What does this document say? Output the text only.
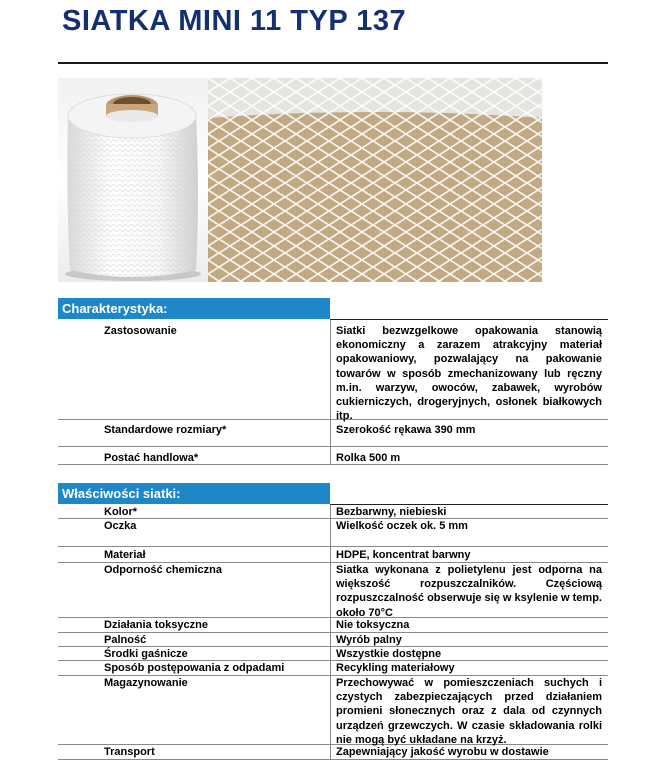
SIATKA MINI 11 TYP 137
Charakterystyka:
Zastosowanie	Siatki bezwzgelkowe opakowania stanowią ekonomiczny a zarazem atrakcyjny materiał opakowaniowy, pozwalający na pakowanie towarów w sposób zmechanizowany lub ręczny m.in. warzyw, owoców, zabawek, wyrobów cukierniczych, drogeryjnych, osłonek białkowych itp.
Standardowe rozmiary*	Szerokość rękawa 390 mm
Postać handlowa*	Rolka 500 m
Właściwości siatki:
Kolor*	Bezbarwny, niebieski
Oczka	Wielkość oczek ok. 5 mm
Materiał	HDPE, koncentrat barwny
Odporność chemiczna	Siatka wykonana z polietylenu jest odporna na większość rozpuszczalników. Częściową rozpuszczalność obserwuje się w ksylenie w temp. około 70°C
Działania toksyczne	Nie toksyczna
Palność	Wyrób palny
Środki gaśnicze	Wszystkie dostępne
Sposób postępowania z odpadami	Recykling materiałowy
Magazynowanie	Przechowywać w pomieszczeniach suchych i czystych zabezpieczających przed działaniem promieni słonecznych oraz z dala od czynnych urządzeń grzewczych. W czasie składowania rolki nie mogą być układane na krzyż.
Transport	Zapewniający jakość wyrobu w dostawie
